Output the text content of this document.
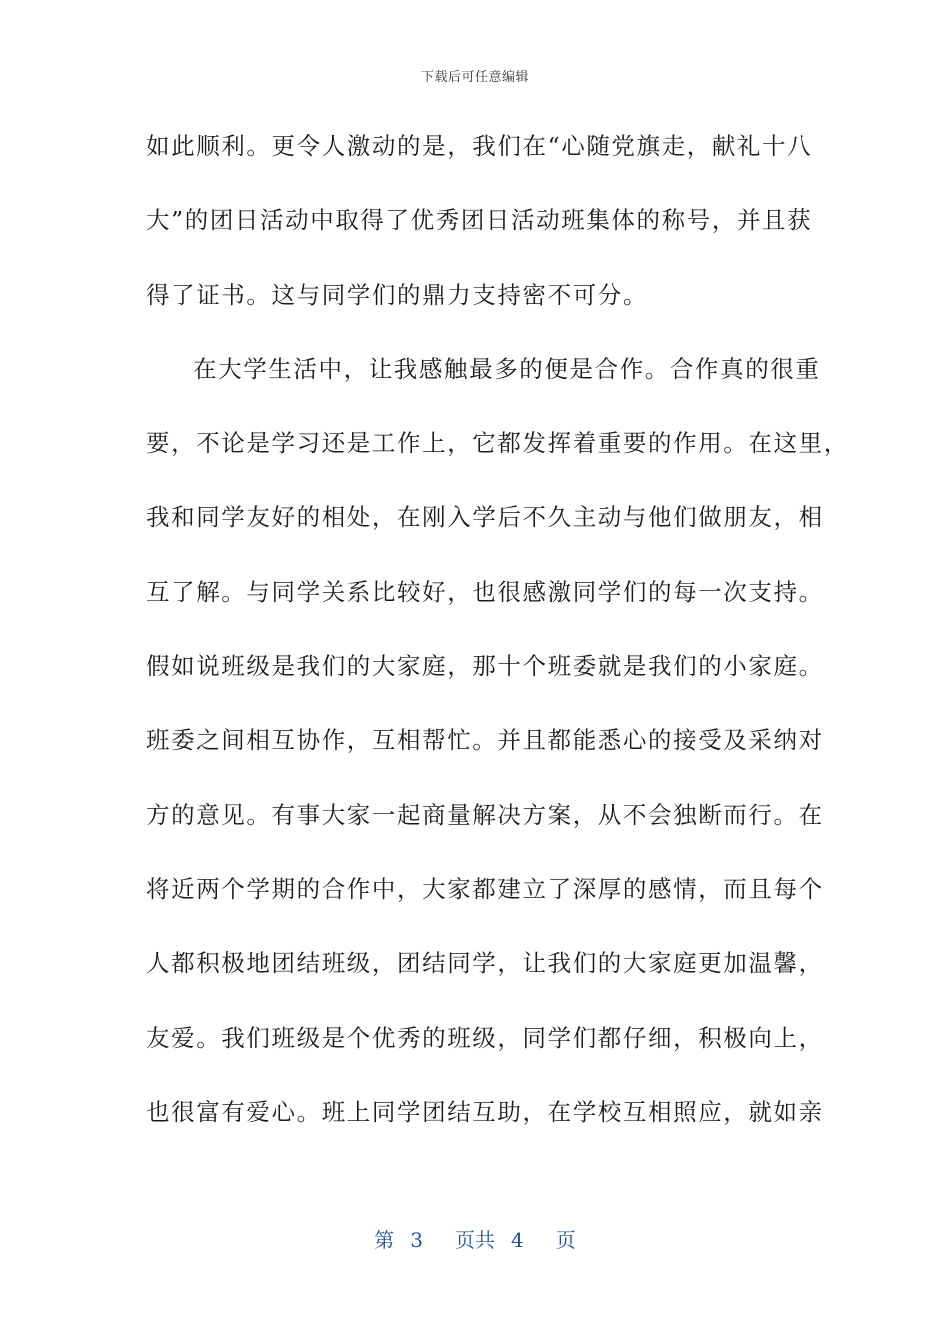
下载后可任意编辑
如此顺利。更令人激动的是，我们在“心随党旗走，献礼十八
大”的团日活动中取得了优秀团日活动班集体的称号，并且获
得了证书。这与同学们的鼎力支持密不可分。
在大学生活中，让我感触最多的便是合作。合作真的很重
要，不论是学习还是工作上，它都发挥着重要的作用。在这里，
我和同学友好的相处，在刚入学后不久主动与他们做朋友，相
互了解。与同学关系比较好，也很感激同学们的每一次支持。
假如说班级是我们的大家庭，那十个班委就是我们的小家庭。
班委之间相互协作，互相帮忙。并且都能悉心的接受及采纳对
方的意见。有事大家一起商量解决方案，从不会独断而行。在
将近两个学期的合作中，大家都建立了深厚的感情，而且每个
人都积极地团结班级，团结同学，让我们的大家庭更加温馨，
友爱。我们班级是个优秀的班级，同学们都仔细，积极向上，
也很富有爱心。班上同学团结互助，在学校互相照应，就如亲
第 3 页共 4 页
